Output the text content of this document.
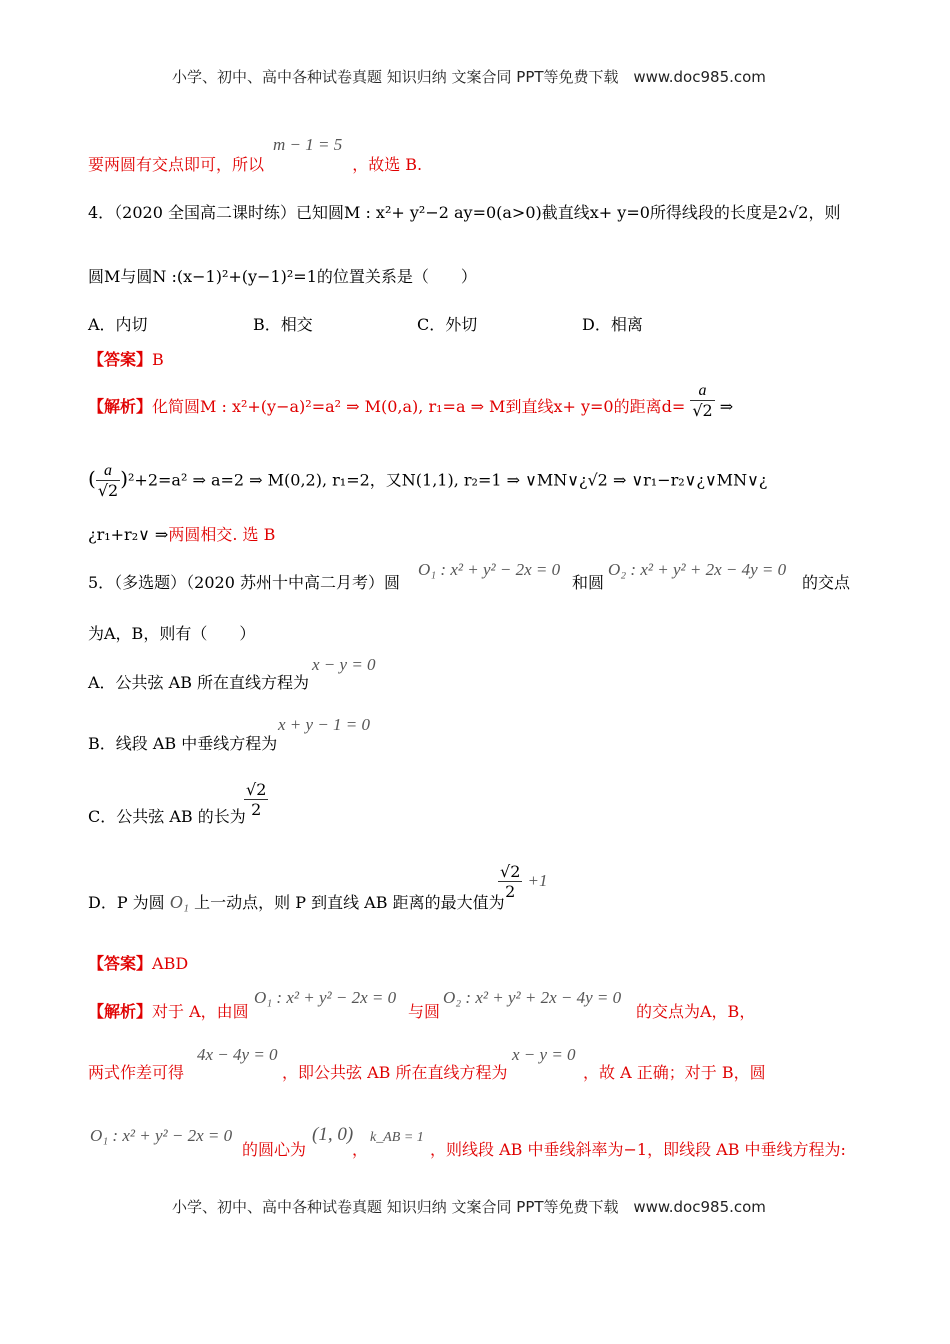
小学、初中、高中各种试卷真题 知识归纳 文案合同 PPT等免费下载 www.doc985.com
m − 1 = 5
要两圆有交点即可，所以	，故选 B.
4．（2020 全国高二课时练）已知圆M : x²+ y²−2 ay=0(a>0)截直线x+ y=0所得线段的长度是2√2，则
圆M与圆N :(x−1)²+(y−1)²=1的位置关系是（　　）
A．内切	B．相交	C．外切	D．相离
【答案】B
【解析】化简圆M : x²+(y−a)²=a² ⇒ M(0,a), r₁=a ⇒ M到直线x+ y=0的距离$d= \frac{a}{√2}$ ⇒
( $\frac{a}{√2} )^2+2=a^2$ ⇒ a=2 ⇒ M(0,2), r₁=2，又N(1,1), r₂=1 ⇒ ∨MN∨¿√2 ⇒ ∨r₁−r₂∨¿∨MN∨¿
¿r₁+r₂∨ ⇒两圆相交. 选 B
5．（多选题）（2020 苏州十中高二月考）圆
O₁ : x² + y² − 2x = 0
和圆
O₂ : x² + y² + 2x − 4y = 0
的交点
为A，B，则有（　　）
x − y = 0
A．公共弦 AB 所在直线方程为
x + y − 1 = 0
B．线段 AB 中垂线方程为
C．公共弦 AB 的长为
$\frac{√2}{2}$
D．P 为圆 O₁ 上一动点，则 P 到直线 AB 距离的最大值为
$\frac{√2}{2} +1$
【答案】ABD
【解析】对于 A，由圆
O₁ : x² + y² − 2x = 0
与圆
O₂ : x² + y² + 2x − 4y = 0
的交点为A，B，
两式作差可得
4x − 4y = 0
，即公共弦 AB 所在直线方程为
x − y = 0
，故 A 正确；对于 B，圆
O₁ : x² + y² − 2x = 0
的圆心为
(1, 0)
，
k_AB = 1
，则线段 AB 中垂线斜率为−1，即线段 AB 中垂线方程为:
小学、初中、高中各种试卷真题 知识归纳 文案合同 PPT等免费下载 www.doc985.com
